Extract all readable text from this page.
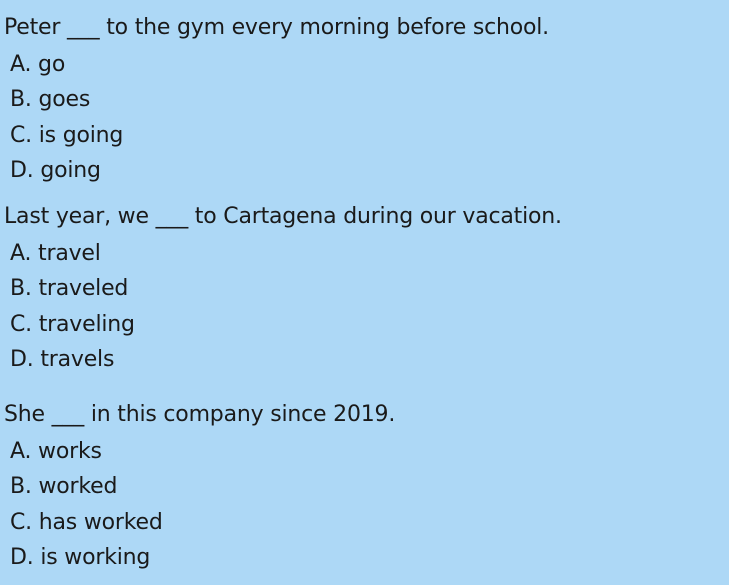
Peter ___ to the gym every morning before school.
A. go
B. goes
C. is going
D. going
Last year, we ___ to Cartagena during our vacation.
A. travel
B. traveled
C. traveling
D. travels
She ___ in this company since 2019.
A. works
B. worked
C. has worked
D. is working
